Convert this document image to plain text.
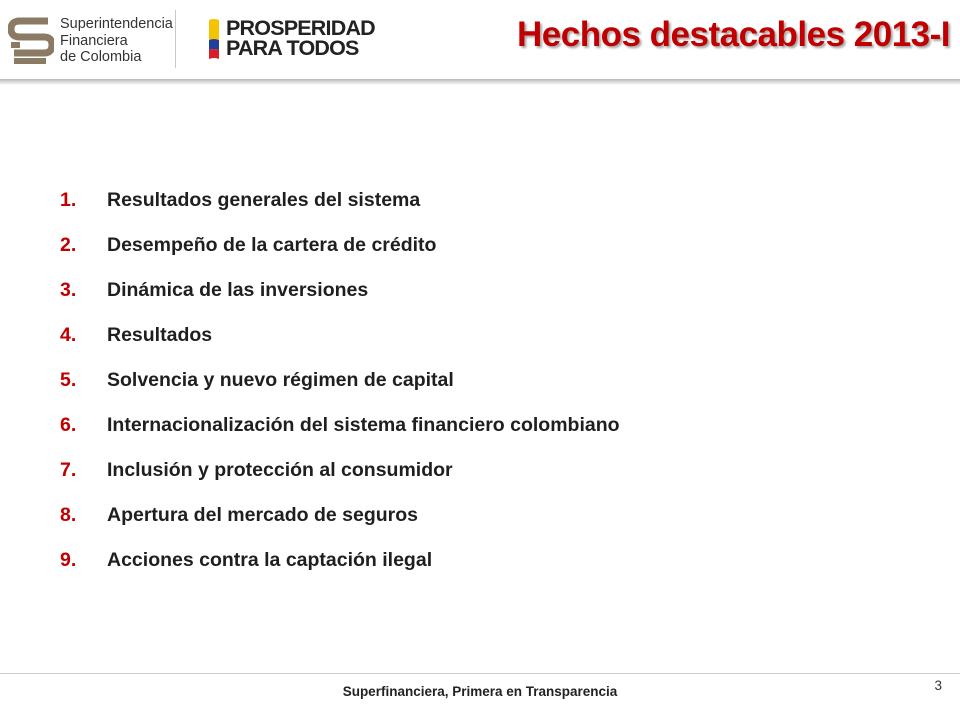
Superintendencia
Financiera
de Colombia
PROSPERIDAD
PARA TODOS	Hechos destacables 2013-I
1.	Resultados generales del sistema
2.	Desempeño de la cartera de crédito
3.	Dinámica de las inversiones
4.	Resultados
5.	Solvencia y nuevo régimen de capital
6.	Internacionalización del sistema financiero colombiano
7.	Inclusión y protección al consumidor
8.	Apertura del mercado de seguros
9.	Acciones contra la captación ilegal
Superfinanciera, Primera en Transparencia	3
